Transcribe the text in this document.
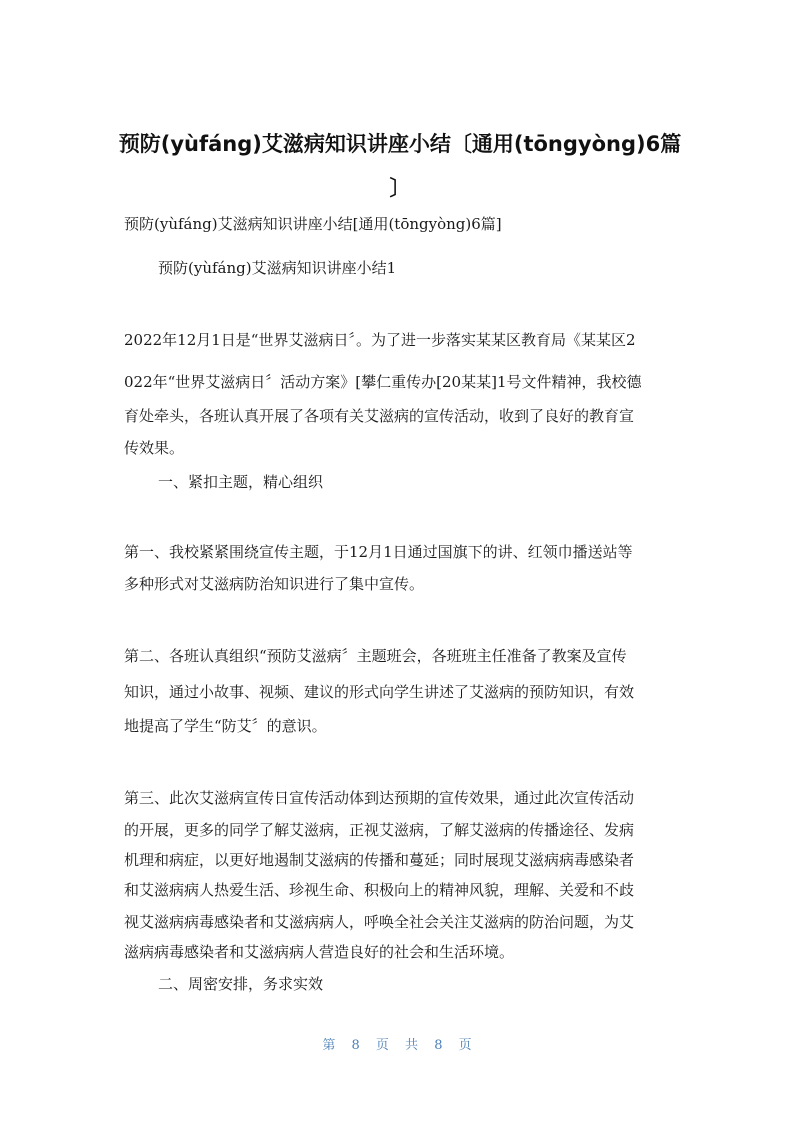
预防(yùfáng)艾滋病知识讲座小结〔通用(tōngyòng)6篇
〕
预防(yùfáng)艾滋病知识讲座小结[通用(tōngyòng)6篇]
预防(yùfáng)艾滋病知识讲座小结1
2022年12月1日是“世界艾滋病日〞。为了进一步落实某某区教育局《某某区2
022年“世界艾滋病日〞活动方案》[攀仁重传办[20某某]1号文件精神，我校德
育处牵头，各班认真开展了各项有关艾滋病的宣传活动，收到了良好的教育宣
传效果。
一、紧扣主题，精心组织
第一、我校紧紧围绕宣传主题，于12月1日通过国旗下的讲、红领巾播送站等
多种形式对艾滋病防治知识进行了集中宣传。
第二、各班认真组织“预防艾滋病〞主题班会，各班班主任准备了教案及宣传
知识，通过小故事、视频、建议的形式向学生讲述了艾滋病的预防知识，有效
地提高了学生“防艾〞的意识。
第三、此次艾滋病宣传日宣传活动体到达预期的宣传效果，通过此次宣传活动
的开展，更多的同学了解艾滋病，正视艾滋病，了解艾滋病的传播途径、发病
机理和病症，以更好地遏制艾滋病的传播和蔓延；同时展现艾滋病病毒感染者
和艾滋病病人热爱生活、珍视生命、积极向上的精神风貌，理解、关爱和不歧
视艾滋病病毒感染者和艾滋病病人，呼唤全社会关注艾滋病的防治问题，为艾
滋病病毒感染者和艾滋病病人营造良好的社会和生活环境。
二、周密安排，务求实效
第 8 页 共 8 页
